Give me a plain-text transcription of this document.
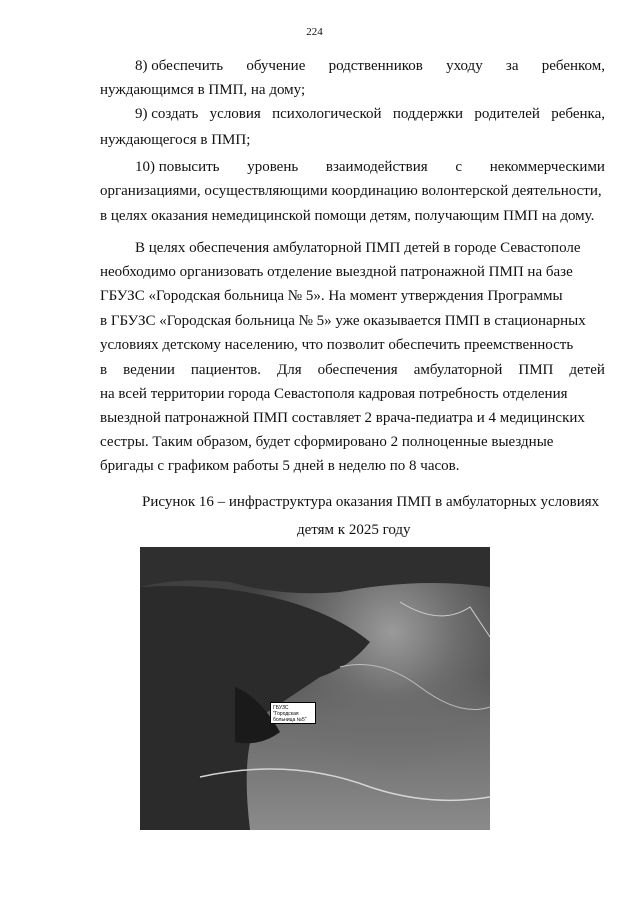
224
8) обеспечить обучение родственников уходу за ребенком,
нуждающимся в ПМП, на дому;
9) создать условия психологической поддержки родителей ребенка,
нуждающегося в ПМП;
10) повысить уровень взаимодействия с некоммерческими
организациями, осуществляющими координацию волонтерской деятельности,
в целях оказания немедицинской помощи детям, получающим ПМП на дому.
В целях обеспечения амбулаторной ПМП детей в городе Севастополе
необходимо организовать отделение выездной патронажной ПМП на базе
ГБУЗС «Городская больница № 5». На момент утверждения Программы
в ГБУЗС «Городская больница № 5» уже оказывается ПМП в стационарных
условиях детскому населению, что позволит обеспечить преемственность
в ведении пациентов. Для обеспечения амбулаторной ПМП детей
на всей территории города Севастополя кадровая потребность отделения
выездной патронажной ПМП составляет 2 врача-педиатра и 4 медицинских
сестры. Таким образом, будет сформировано 2 полноценные выездные
бригады с графиком работы 5 дней в неделю по 8 часов.
Рисунок 16 – инфраструктура оказания ПМП в амбулаторных условиях
детям к 2025 году
ГБУЗС "Городская больница №5"
